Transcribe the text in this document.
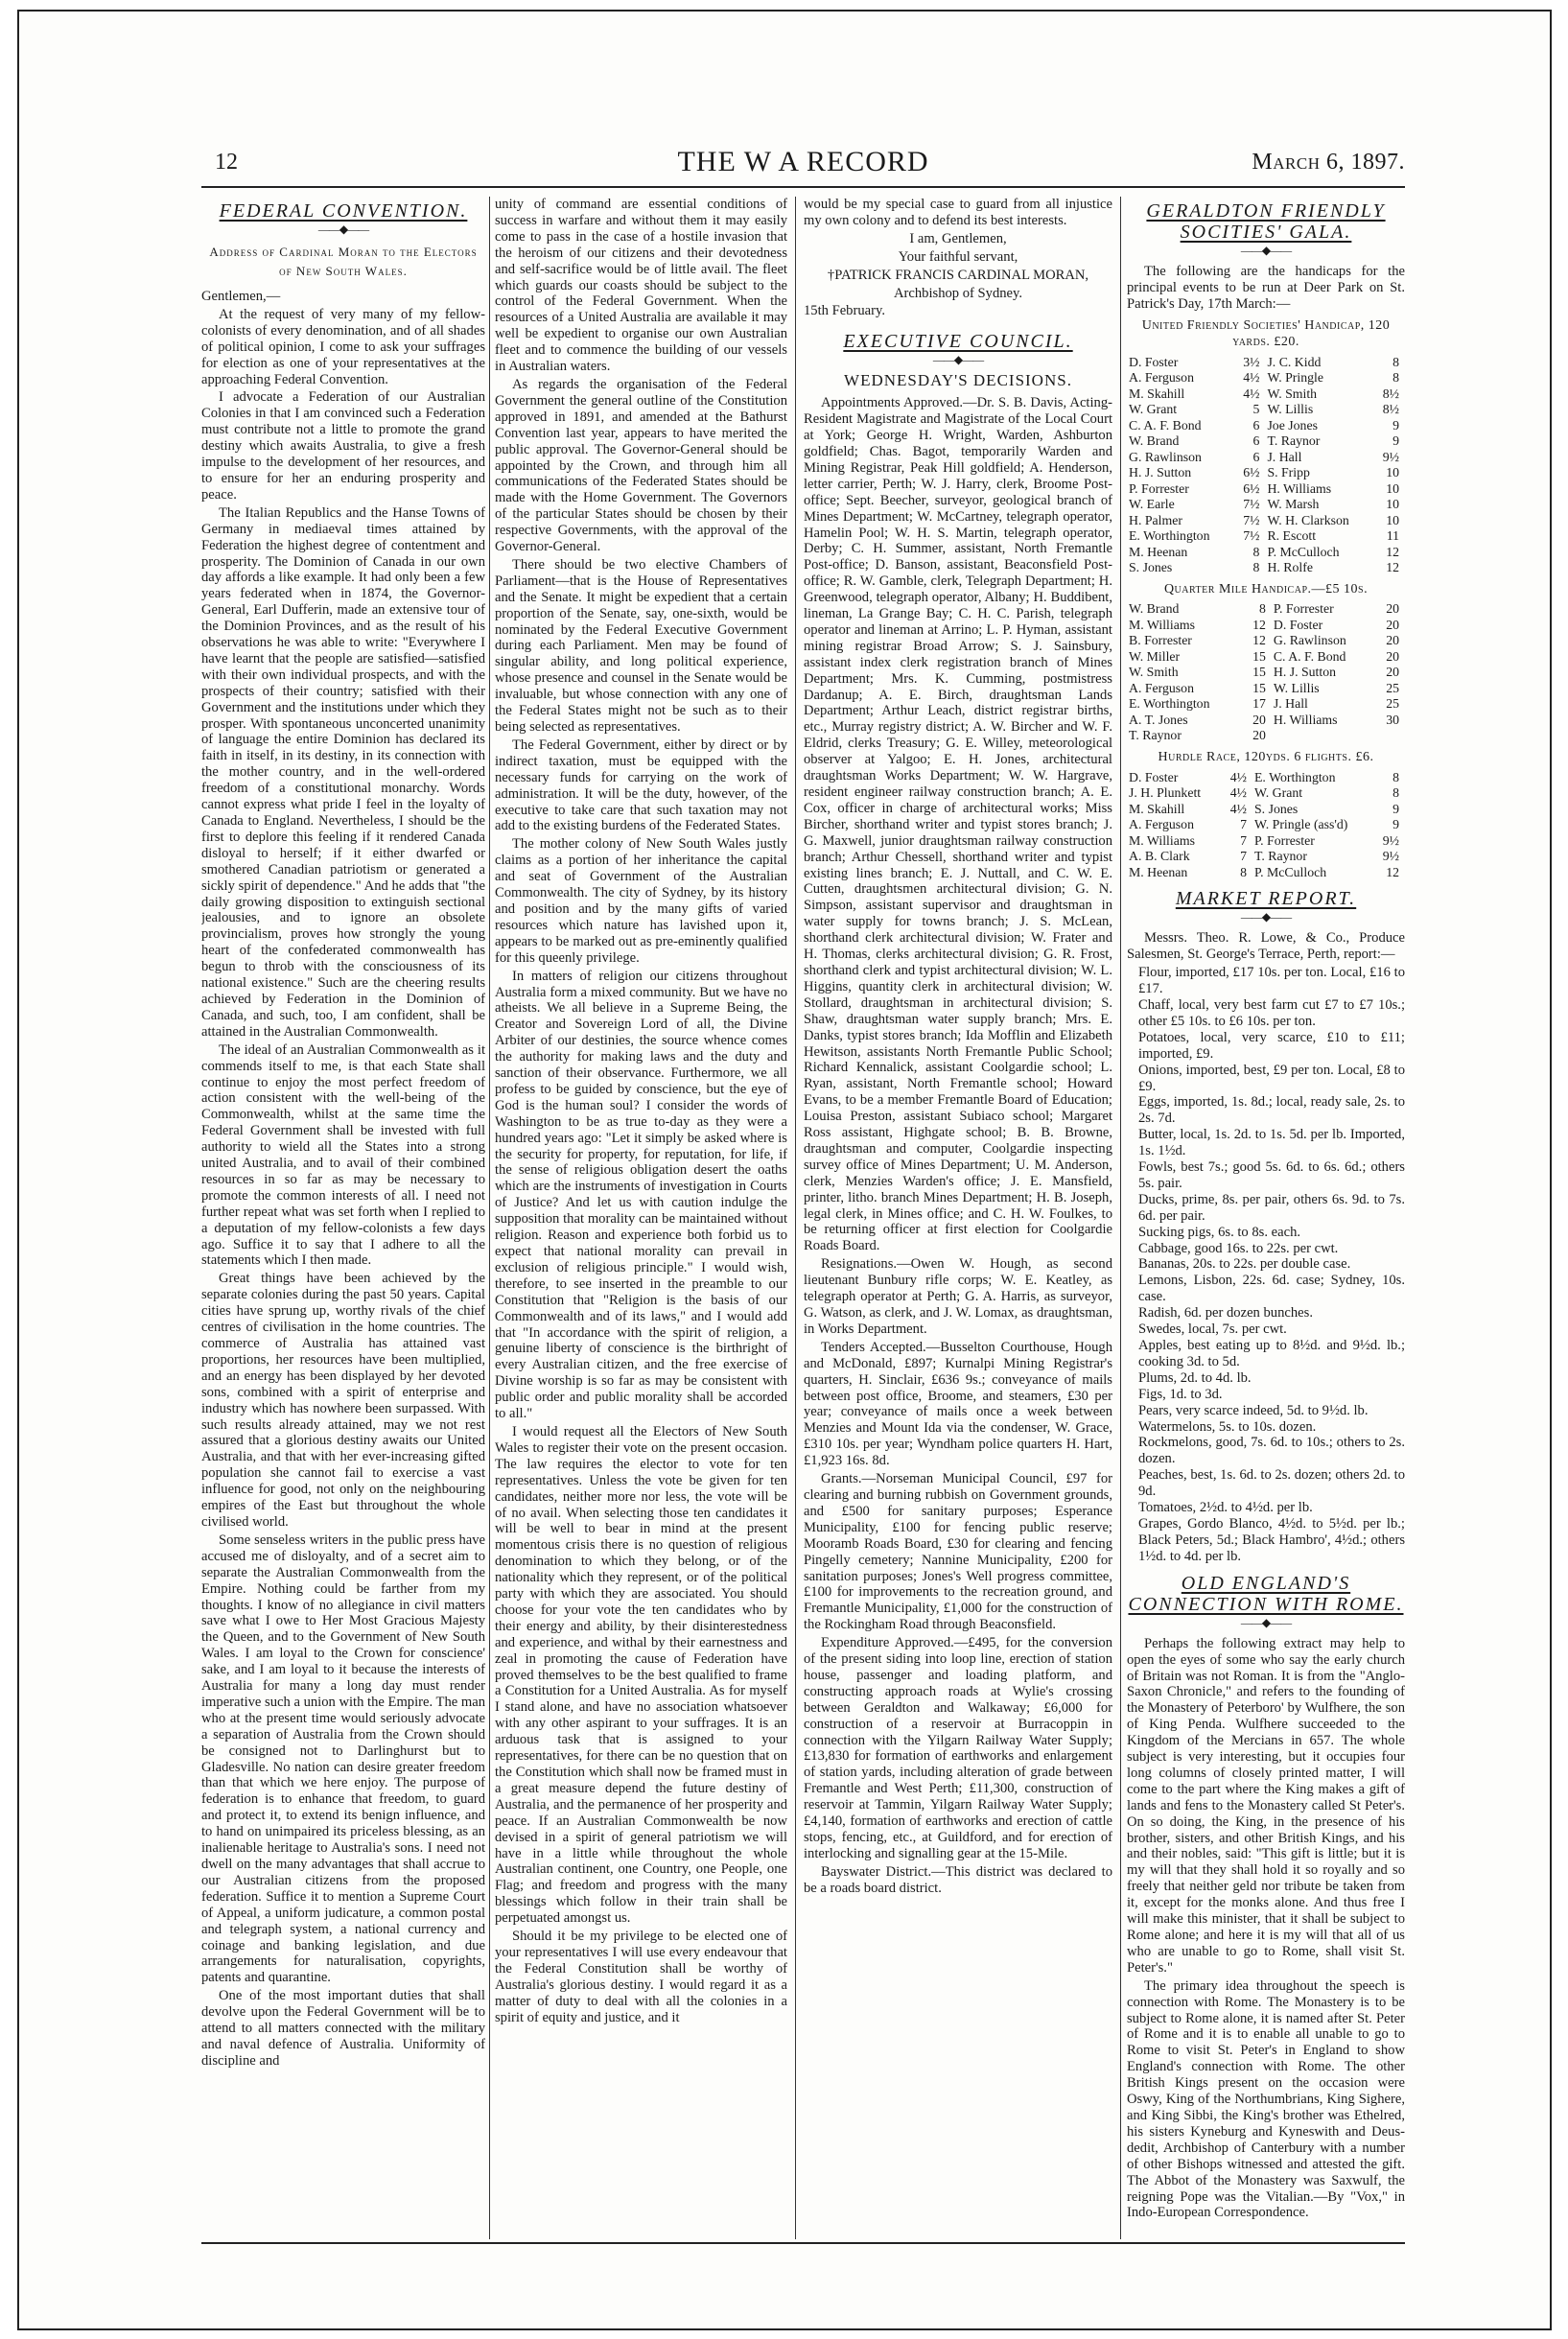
12	THE W A RECORD	March 6, 1897.
FEDERAL CONVENTION.
——◆——
Address of Cardinal Moran to the Electors of New South Wales.

Gentlemen,—

At the request of very many of my fellow-colonists of every denomination, and of all shades of political opinion, I come to ask your suffrages for election as one of your representatives at the approaching Federal Convention.

I advocate a Federation of our Australian Colonies in that I am convinced such a Federation must contribute not a little to promote the grand destiny which awaits Australia, to give a fresh impulse to the development of her resources, and to ensure for her an enduring prosperity and peace.

The Italian Republics and the Hanse Towns of Germany in mediaeval times attained by Federation the highest degree of contentment and prosperity. The Dominion of Canada in our own day affords a like example. It had only been a few years federated when in 1874, the Governor-General, Earl Dufferin, made an extensive tour of the Dominion Provinces, and as the result of his observations he was able to write: "Everywhere I have learnt that the people are satisfied—satisfied with their own individual prospects, and with the prospects of their country; satisfied with their Government and the institutions under which they prosper. With spontaneous unconcerted unanimity of language the entire Dominion has declared its faith in itself, in its destiny, in its connection with the mother country, and in the well-ordered freedom of a constitutional monarchy. Words cannot express what pride I feel in the loyalty of Canada to England. Nevertheless, I should be the first to deplore this feeling if it rendered Canada disloyal to herself; if it either dwarfed or smothered Canadian patriotism or generated a sickly spirit of dependence." And he adds that "the daily growing disposition to extinguish sectional jealousies, and to ignore an obsolete provincialism, proves how strongly the young heart of the confederated commonwealth has begun to throb with the consciousness of its national existence." Such are the cheering results achieved by Federation in the Dominion of Canada, and such, too, I am confident, shall be attained in the Australian Commonwealth.

The ideal of an Australian Commonwealth as it commends itself to me, is that each State shall continue to enjoy the most perfect freedom of action consistent with the well-being of the Commonwealth, whilst at the same time the Federal Government shall be invested with full authority to wield all the States into a strong united Australia, and to avail of their combined resources in so far as may be necessary to promote the common interests of all. I need not further repeat what was set forth when I replied to a deputation of my fellow-colonists a few days ago. Suffice it to say that I adhere to all the statements which I then made.

Great things have been achieved by the separate colonies during the past 50 years. Capital cities have sprung up, worthy rivals of the chief centres of civilisation in the home countries. The commerce of Australia has attained vast proportions, her resources have been multiplied, and an energy has been displayed by her devoted sons, combined with a spirit of enterprise and industry which has nowhere been surpassed. With such results already attained, may we not rest assured that a glorious destiny awaits our United Australia, and that with her ever-increasing gifted population she cannot fail to exercise a vast influence for good, not only on the neighbouring empires of the East but throughout the whole civilised world.

Some senseless writers in the public press have accused me of disloyalty, and of a secret aim to separate the Australian Commonwealth from the Empire. Nothing could be farther from my thoughts. I know of no allegiance in civil matters save what I owe to Her Most Gracious Majesty the Queen, and to the Government of New South Wales. I am loyal to the Crown for conscience' sake, and I am loyal to it because the interests of Australia for many a long day must render imperative such a union with the Empire. The man who at the present time would seriously advocate a separation of Australia from the Crown should be consigned not to Darlinghurst but to Gladesville. No nation can desire greater freedom than that which we here enjoy. The purpose of federation is to enhance that freedom, to guard and protect it, to extend its benign influence, and to hand on unimpaired its priceless blessing, as an inalienable heritage to Australia's sons. I need not dwell on the many advantages that shall accrue to our Australian citizens from the proposed federation. Suffice it to mention a Supreme Court of Appeal, a uniform judicature, a common postal and telegraph system, a national currency and coinage and banking legislation, and due arrangements for naturalisation, copyrights, patents and quarantine.

One of the most important duties that shall devolve upon the Federal Government will be to attend to all matters connected with the military and naval defence of Australia. Uniformity of discipline and

unity of command are essential conditions of success in warfare and without them it may easily come to pass in the case of a hostile invasion that the heroism of our citizens and their devotedness and self-sacrifice would be of little avail. The fleet which guards our coasts should be subject to the control of the Federal Government. When the resources of a United Australia are available it may well be expedient to organise our own Australian fleet and to commence the building of our vessels in Australian waters.

As regards the organisation of the Federal Government the general outline of the Constitution approved in 1891, and amended at the Bathurst Convention last year, appears to have merited the public approval. The Governor-General should be appointed by the Crown, and through him all communications of the Federated States should be made with the Home Government. The Governors of the particular States should be chosen by their respective Governments, with the approval of the Governor-General.

There should be two elective Chambers of Parliament—that is the House of Representatives and the Senate. It might be expedient that a certain proportion of the Senate, say, one-sixth, would be nominated by the Federal Executive Government during each Parliament. Men may be found of singular ability, and long political experience, whose presence and counsel in the Senate would be invaluable, but whose connection with any one of the Federal States might not be such as to their being selected as representatives.

The Federal Government, either by direct or by indirect taxation, must be equipped with the necessary funds for carrying on the work of administration. It will be the duty, however, of the executive to take care that such taxation may not add to the existing burdens of the Federated States.

The mother colony of New South Wales justly claims as a portion of her inheritance the capital and seat of Government of the Australian Commonwealth. The city of Sydney, by its history and position and by the many gifts of varied resources which nature has lavished upon it, appears to be marked out as pre-eminently qualified for this queenly privilege.

In matters of religion our citizens throughout Australia form a mixed community. But we have no atheists. We all believe in a Supreme Being, the Creator and Sovereign Lord of all, the Divine Arbiter of our destinies, the source whence comes the authority for making laws and the duty and sanction of their observance. Furthermore, we all profess to be guided by conscience, but the eye of God is the human soul? I consider the words of Washington to be as true to-day as they were a hundred years ago: "Let it simply be asked where is the security for property, for reputation, for life, if the sense of religious obligation desert the oaths which are the instruments of investigation in Courts of Justice? And let us with caution indulge the supposition that morality can be maintained without religion. Reason and experience both forbid us to expect that national morality can prevail in exclusion of religious principle." I would wish, therefore, to see inserted in the preamble to our Constitution that "Religion is the basis of our Commonwealth and of its laws," and I would add that "In accordance with the spirit of religion, a genuine liberty of conscience is the birthright of every Australian citizen, and the free exercise of Divine worship is so far as may be consistent with public order and public morality shall be accorded to all."

I would request all the Electors of New South Wales to register their vote on the present occasion. The law requires the elector to vote for ten representatives. Unless the vote be given for ten candidates, neither more nor less, the vote will be of no avail. When selecting those ten candidates it will be well to bear in mind at the present momentous crisis there is no question of religious denomination to which they belong, or of the nationality which they represent, or of the political party with which they are associated. You should choose for your vote the ten candidates who by their energy and ability, by their disinterestedness and experience, and withal by their earnestness and zeal in promoting the cause of Federation have proved themselves to be the best qualified to frame a Constitution for a United Australia. As for myself I stand alone, and have no association whatsoever with any other aspirant to your suffrages. It is an arduous task that is assigned to your representatives, for there can be no question that on the Constitution which shall now be framed must in a great measure depend the future destiny of Australia, and the permanence of her prosperity and peace. If an Australian Commonwealth be now devised in a spirit of general patriotism we will have in a little while throughout the whole Australian continent, one Country, one People, one Flag; and freedom and progress with the many blessings which follow in their train shall be perpetuated amongst us.

Should it be my privilege to be elected one of your representatives I will use every endeavour that the Federal Constitution shall be worthy of Australia's glorious destiny. I would regard it as a matter of duty to deal with all the colonies in a spirit of equity and justice, and it

would be my special case to guard from all injustice my own colony and to defend its best interests.

I am, Gentlemen,

Your faithful servant,

†PATRICK FRANCIS CARDINAL MORAN,

Archbishop of Sydney.

15th February.

EXECUTIVE COUNCIL.
——◆——
WEDNESDAY'S DECISIONS.

Appointments Approved.—Dr. S. B. Davis, Acting-Resident Magistrate and Magistrate of the Local Court at York; George H. Wright, Warden, Ashburton goldfield; Chas. Bagot, temporarily Warden and Mining Registrar, Peak Hill goldfield; A. Henderson, letter carrier, Perth; W. J. Harry, clerk, Broome Post-office; Sept. Beecher, surveyor, geological branch of Mines Department; W. McCartney, telegraph operator, Hamelin Pool; W. H. S. Martin, telegraph operator, Derby; C. H. Summer, assistant, North Fremantle Post-office; D. Banson, assistant, Beaconsfield Post-office; R. W. Gamble, clerk, Telegraph Department; H. Greenwood, telegraph operator, Albany; H. Buddibent, lineman, La Grange Bay; C. H. C. Parish, telegraph operator and lineman at Arrino; L. P. Hyman, assistant mining registrar Broad Arrow; S. J. Sainsbury, assistant index clerk registration branch of Mines Department; Mrs. K. Cumming, postmistress Dardanup; A. E. Birch, draughtsman Lands Department; Arthur Leach, district registrar births, etc., Murray registry district; A. W. Bircher and W. F. Eldrid, clerks Treasury; G. E. Willey, meteorological observer at Yalgoo; E. H. Jones, architectural draughtsman Works Department; W. W. Hargrave, resident engineer railway construction branch; A. E. Cox, officer in charge of architectural works; Miss Bircher, shorthand writer and typist stores branch; J. G. Maxwell, junior draughtsman railway construction branch; Arthur Chessell, shorthand writer and typist existing lines branch; E. J. Nuttall, and C. W. E. Cutten, draughtsmen architectural division; G. N. Simpson, assistant supervisor and draughtsman in water supply for towns branch; J. S. McLean, shorthand clerk architectural division; W. Frater and H. Thomas, clerks architectural division; G. R. Frost, shorthand clerk and typist architectural division; W. L. Higgins, quantity clerk in architectural division; W. Stollard, draughtsman in architectural division; S. Shaw, draughtsman water supply branch; Mrs. E. Danks, typist stores branch; Ida Mofflin and Elizabeth Hewitson, assistants North Fremantle Public School; Richard Kennalick, assistant Coolgardie school; L. Ryan, assistant, North Fremantle school; Howard Evans, to be a member Fremantle Board of Education; Louisa Preston, assistant Subiaco school; Margaret Ross assistant, Highgate school; B. B. Browne, draughtsman and computer, Coolgardie inspecting survey office of Mines Department; U. M. Anderson, clerk, Menzies Warden's office; J. E. Mansfield, printer, litho. branch Mines Department; H. B. Joseph, legal clerk, in Mines office; and C. H. W. Foulkes, to be returning officer at first election for Coolgardie Roads Board.

Resignations.—Owen W. Hough, as second lieutenant Bunbury rifle corps; W. E. Keatley, as telegraph operator at Perth; G. A. Harris, as surveyor, G. Watson, as clerk, and J. W. Lomax, as draughtsman, in Works Department.

Tenders Accepted.—Busselton Courthouse, Hough and McDonald, £897; Kurnalpi Mining Registrar's quarters, H. Sinclair, £636 9s.; conveyance of mails between post office, Broome, and steamers, £30 per year; conveyance of mails once a week between Menzies and Mount Ida via the condenser, W. Grace, £310 10s. per year; Wyndham police quarters H. Hart, £1,923 16s. 8d.

Grants.—Norseman Municipal Council, £97 for clearing and burning rubbish on Government grounds, and £500 for sanitary purposes; Esperance Municipality, £100 for fencing public reserve; Mooramb Roads Board, £30 for clearing and fencing Pingelly cemetery; Nannine Municipality, £200 for sanitation purposes; Jones's Well progress committee, £100 for improvements to the recreation ground, and Fremantle Municipality, £1,000 for the construction of the Rockingham Road through Beaconsfield.

Expenditure Approved.—£495, for the conversion of the present siding into loop line, erection of station house, passenger and loading platform, and constructing approach roads at Wylie's crossing between Geraldton and Walkaway; £6,000 for construction of a reservoir at Burracoppin in connection with the Yilgarn Railway Water Supply; £13,830 for formation of earthworks and enlargement of station yards, including alteration of grade between Fremantle and West Perth; £11,300, construction of reservoir at Tammin, Yilgarn Railway Water Supply; £4,140, formation of earthworks and erection of cattle stops, fencing, etc., at Guildford, and for erection of interlocking and signalling gear at the 15-Mile.

Bayswater District.—This district was declared to be a roads board district.

GERALDTON FRIENDLY SOCITIES' GALA.
——◆——

The following are the handicaps for the principal events to be run at Deer Park on St. Patrick's Day, 17th March:—

United Friendly Societies' Handicap, 120 yards. £20.
D. Foster	3½	J. C. Kidd	8
A. Ferguson	4½	W. Pringle	8
M. Skahill	4½	W. Smith	8½
W. Grant	5	W. Lillis	8½
C. A. F. Bond	6	Joe Jones	9
W. Brand	6	T. Raynor	9
G. Rawlinson	6	J. Hall	9½
H. J. Sutton	6½	S. Fripp	10
P. Forrester	6½	H. Williams	10
W. Earle	7½	W. Marsh	10
H. Palmer	7½	W. H. Clarkson	10
E. Worthington	7½	R. Escott	11
M. Heenan	8	P. McCulloch	12
S. Jones	8	H. Rolfe	12
Quarter Mile Handicap.—£5 10s.
W. Brand	8	P. Forrester	20
M. Williams	12	D. Foster	20
B. Forrester	12	G. Rawlinson	20
W. Miller	15	C. A. F. Bond	20
W. Smith	15	H. J. Sutton	20
A. Ferguson	15	W. Lillis	25
E. Worthington	17	J. Hall	25
A. T. Jones	20	H. Williams	30
T. Raynor	20		
Hurdle Race, 120yds. 6 flights. £6.
D. Foster	4½	E. Worthington	8
J. H. Plunkett	4½	W. Grant	8
M. Skahill	4½	S. Jones	9
A. Ferguson	7	W. Pringle (ass'd)	9
M. Williams	7	P. Forrester	9½
A. B. Clark	7	T. Raynor	9½
M. Heenan	8	P. McCulloch	12
MARKET REPORT.
——◆——

Messrs. Theo. R. Lowe, & Co., Produce Salesmen, St. George's Terrace, Perth, report:—

Flour, imported, £17 10s. per ton. Local, £16 to £17.

Chaff, local, very best farm cut £7 to £7 10s.; other £5 10s. to £6 10s. per ton.

Potatoes, local, very scarce, £10 to £11; imported, £9.

Onions, imported, best, £9 per ton. Local, £8 to £9.

Eggs, imported, 1s. 8d.; local, ready sale, 2s. to 2s. 7d.

Butter, local, 1s. 2d. to 1s. 5d. per lb. Imported, 1s. 1½d.

Fowls, best 7s.; good 5s. 6d. to 6s. 6d.; others 5s. pair.

Ducks, prime, 8s. per pair, others 6s. 9d. to 7s. 6d. per pair.

Sucking pigs, 6s. to 8s. each.

Cabbage, good 16s. to 22s. per cwt.

Bananas, 20s. to 22s. per double case.

Lemons, Lisbon, 22s. 6d. case; Sydney, 10s. case.

Radish, 6d. per dozen bunches.

Swedes, local, 7s. per cwt.

Apples, best eating up to 8½d. and 9½d. lb.; cooking 3d. to 5d.

Plums, 2d. to 4d. lb.

Figs, 1d. to 3d.

Pears, very scarce indeed, 5d. to 9½d. lb.

Watermelons, 5s. to 10s. dozen.

Rockmelons, good, 7s. 6d. to 10s.; others to 2s. dozen.

Peaches, best, 1s. 6d. to 2s. dozen; others 2d. to 9d.

Tomatoes, 2½d. to 4½d. per lb.

Grapes, Gordo Blanco, 4½d. to 5½d. per lb.; Black Peters, 5d.; Black Hambro', 4½d.; others 1½d. to 4d. per lb.

OLD ENGLAND'S CONNECTION WITH ROME.
——◆——

Perhaps the following extract may help to open the eyes of some who say the early church of Britain was not Roman. It is from the "Anglo-Saxon Chronicle," and refers to the founding of the Monastery of Peterboro' by Wulfhere, the son of King Penda. Wulfhere succeeded to the Kingdom of the Mercians in 657. The whole subject is very interesting, but it occupies four long columns of closely printed matter, I will come to the part where the King makes a gift of lands and fens to the Monastery called St Peter's. On so doing, the King, in the presence of his brother, sisters, and other British Kings, and his and their nobles, said: "This gift is little; but it is my will that they shall hold it so royally and so freely that neither geld nor tribute be taken from it, except for the monks alone. And thus free I will make this minister, that it shall be subject to Rome alone; and here it is my will that all of us who are unable to go to Rome, shall visit St. Peter's."

The primary idea throughout the speech is connection with Rome. The Monastery is to be subject to Rome alone, it is named after St. Peter of Rome and it is to enable all unable to go to Rome to visit St. Peter's in England to show England's connection with Rome. The other British Kings present on the occasion were Oswy, King of the Northumbrians, King Sighere, and King Sibbi, the King's brother was Ethelred, his sisters Kyneburg and Kyneswith and Deus-dedit, Archbishop of Canterbury with a number of other Bishops witnessed and attested the gift. The Abbot of the Monastery was Saxwulf, the reigning Pope was the Vitalian.—By "Vox," in Indo-European Correspondence.
